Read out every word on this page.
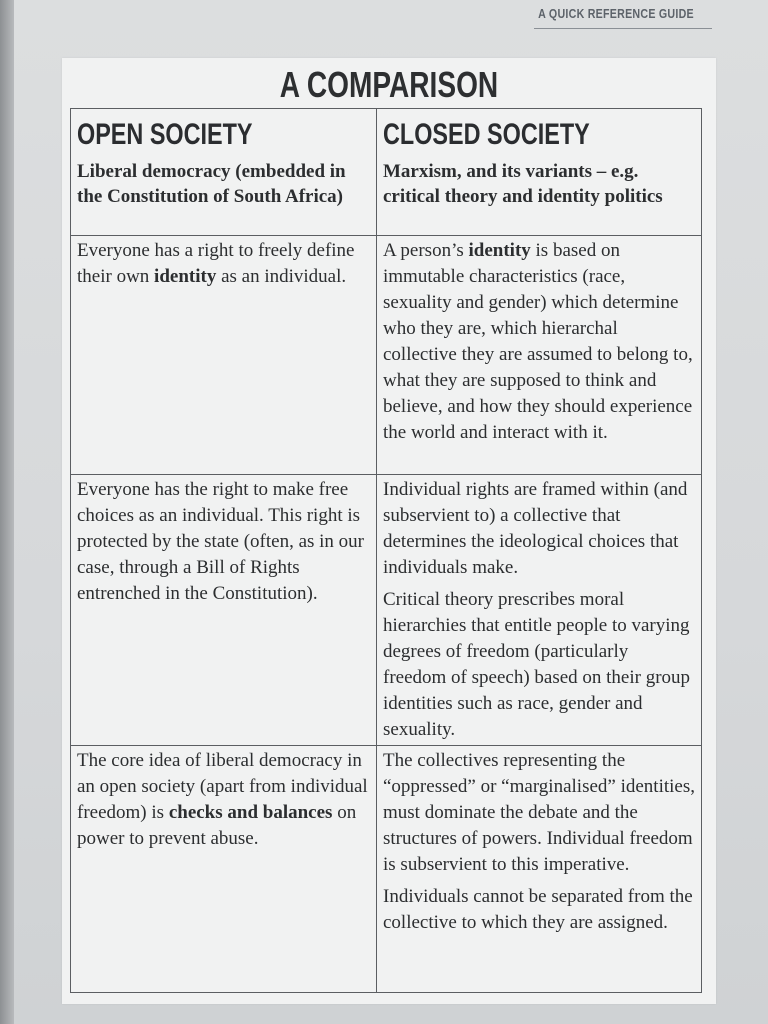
A QUICK REFERENCE GUIDE
A COMPARISON
OPEN SOCIETY
Liberal democracy (embedded in the Constitution of South Africa)
CLOSED SOCIETY
Marxism, and its variants – e.g. critical theory and identity politics

Everyone has a right to freely define their own identity as an individual.

A person’s identity is based on immutable characteristics (race, sexuality and gender) which determine who they are, which hierarchal collective they are assumed to belong to, what they are supposed to think and believe, and how they should experience the world and interact with it.

Everyone has the right to make free choices as an individual. This right is protected by the state (often, as in our case, through a Bill of Rights entrenched in the Constitution).

Individual rights are framed within (and subservient to) a collective that determines the ideological choices that individuals make.

Critical theory prescribes moral hierarchies that entitle people to varying degrees of freedom (particularly freedom of speech) based on their group identities such as race, gender and sexuality.

The core idea of liberal democracy in an open society (apart from individual freedom) is checks and balances on power to prevent abuse.

The collectives representing the “oppressed” or “marginalised” identities, must dominate the debate and the structures of powers. Individual freedom is subservient to this imperative.

Individuals cannot be separated from the collective to which they are assigned.
